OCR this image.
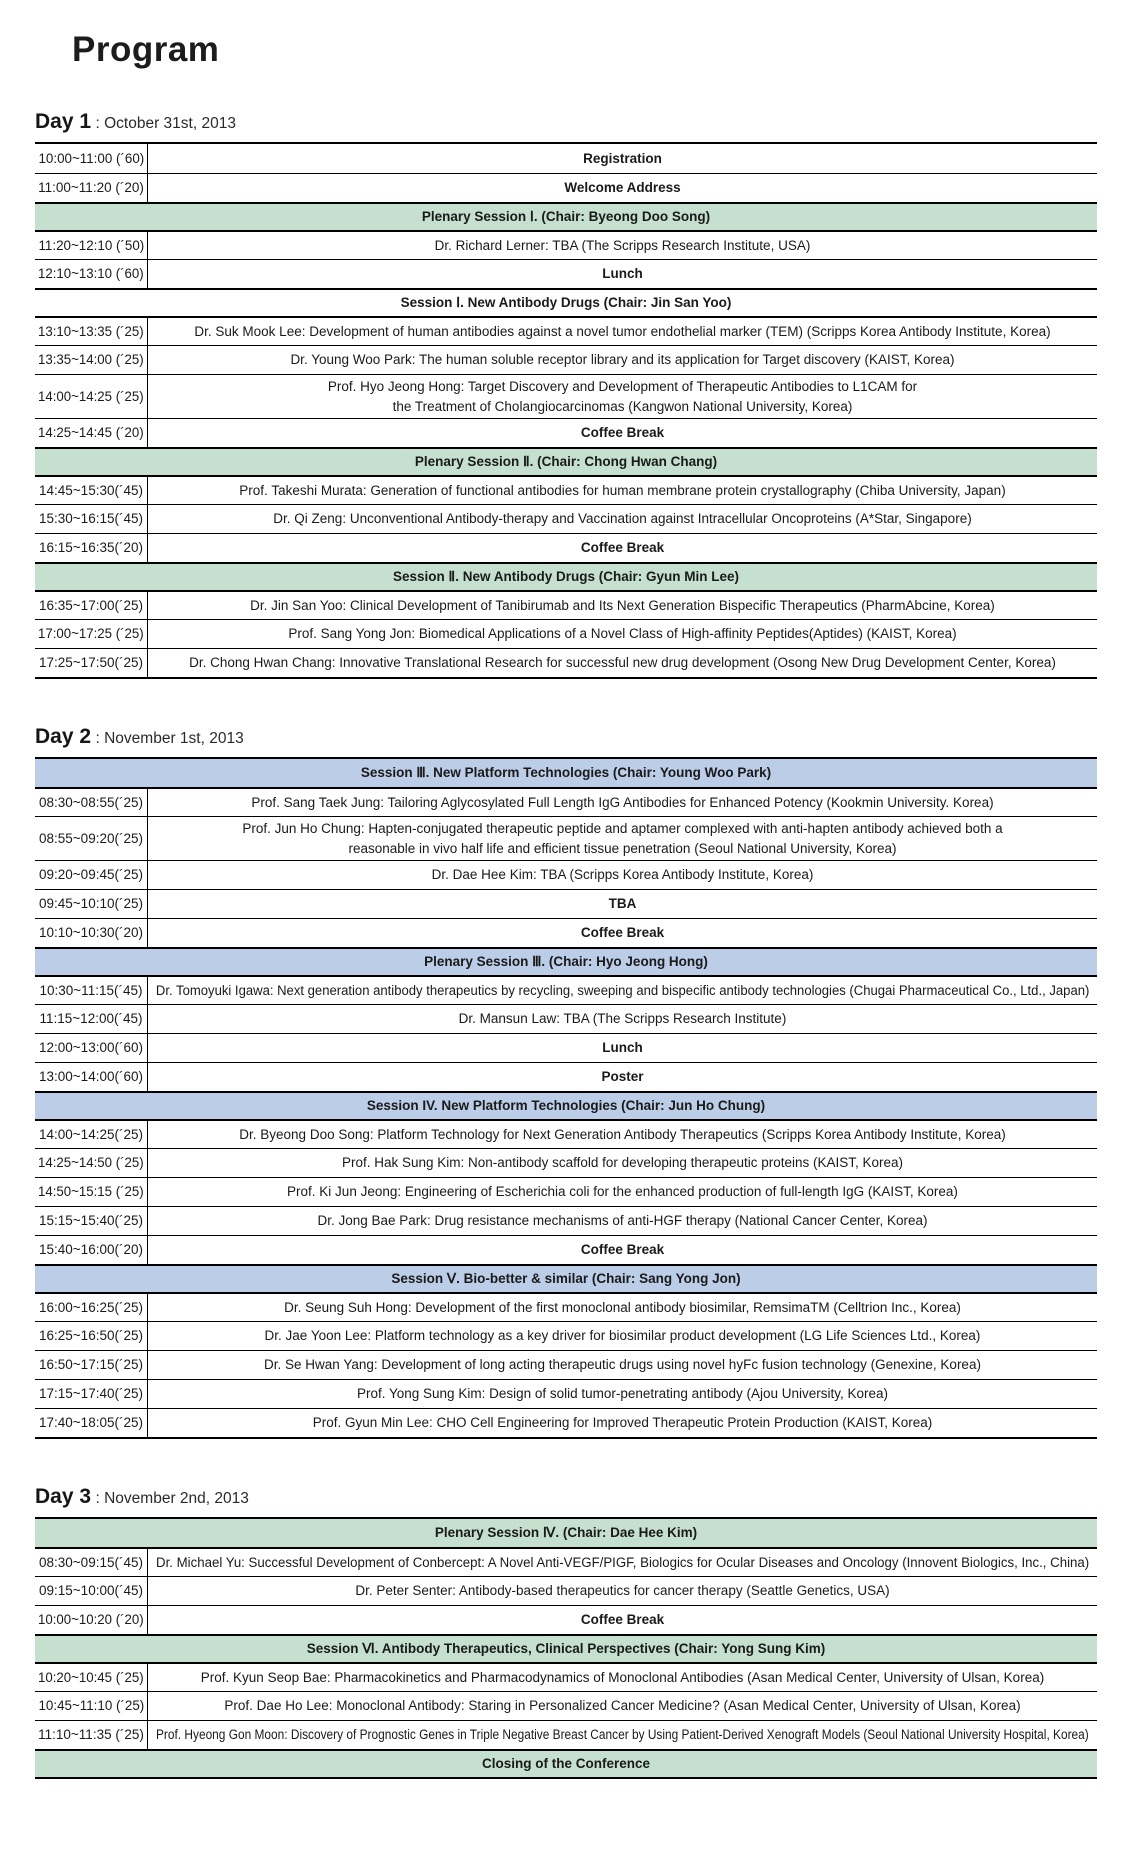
Program

Day 1 : October 31st, 2013

10:00~11:00 (´60)	Registration
11:00~11:20 (´20)	Welcome Address
Plenary Session Ⅰ. (Chair: Byeong Doo Song)
11:20~12:10 (´50)	Dr. Richard Lerner: TBA (The Scripps Research Institute, USA)
12:10~13:10 (´60)	Lunch
Session Ⅰ. New Antibody Drugs (Chair: Jin San Yoo)
13:10~13:35 (´25)	Dr. Suk Mook Lee: Development of human antibodies against a novel tumor endothelial marker (TEM) (Scripps Korea Antibody Institute, Korea)
13:35~14:00 (´25)	Dr. Young Woo Park: The human soluble receptor library and its application for Target discovery (KAIST, Korea)
14:00~14:25 (´25)
Prof. Hyo Jeong Hong: Target Discovery and Development of Therapeutic Antibodies to L1CAM for
the Treatment of Cholangiocarcinomas (Kangwon National University, Korea)
14:25~14:45 (´20)	Coffee Break
Plenary Session Ⅱ. (Chair: Chong Hwan Chang)
14:45~15:30(´45)	Prof. Takeshi Murata: Generation of functional antibodies for human membrane protein crystallography (Chiba University, Japan)
15:30~16:15(´45)	Dr. Qi Zeng: Unconventional Antibody-therapy and Vaccination against Intracellular Oncoproteins (A*Star, Singapore)
16:15~16:35(´20)	Coffee Break
Session Ⅱ. New Antibody Drugs (Chair: Gyun Min Lee)
16:35~17:00(´25)	Dr. Jin San Yoo: Clinical Development of Tanibirumab and Its Next Generation Bispecific Therapeutics (PharmAbcine, Korea)
17:00~17:25 (´25)	Prof. Sang Yong Jon: Biomedical Applications of a Novel Class of High-affinity Peptides(Aptides) (KAIST, Korea)
17:25~17:50(´25)	Dr. Chong Hwan Chang: Innovative Translational Research for successful new drug development (Osong New Drug Development Center, Korea)

Day 2 : November 1st, 2013

Session Ⅲ. New Platform Technologies (Chair: Young Woo Park)
08:30~08:55(´25)	Prof. Sang Taek Jung: Tailoring Aglycosylated Full Length IgG Antibodies for Enhanced Potency (Kookmin University. Korea)
08:55~09:20(´25)
Prof. Jun Ho Chung: Hapten-conjugated therapeutic peptide and aptamer complexed with anti-hapten antibody achieved both a
reasonable in vivo half life and efficient tissue penetration (Seoul National University, Korea)
09:20~09:45(´25)	Dr. Dae Hee Kim: TBA (Scripps Korea Antibody Institute, Korea)
09:45~10:10(´25)	TBA
10:10~10:30(´20)	Coffee Break
Plenary Session Ⅲ. (Chair: Hyo Jeong Hong)
10:30~11:15(´45) Dr. Tomoyuki Igawa: Next generation antibody therapeutics by recycling, sweeping and bispecific antibody technologies (Chugai Pharmaceutical Co., Ltd., Japan)
11:15~12:00(´45)	Dr. Mansun Law: TBA (The Scripps Research Institute)
12:00~13:00(´60)	Lunch
13:00~14:00(´60)	Poster
Session IV. New Platform Technologies (Chair: Jun Ho Chung)
14:00~14:25(´25)	Dr. Byeong Doo Song: Platform Technology for Next Generation Antibody Therapeutics (Scripps Korea Antibody Institute, Korea)
14:25~14:50 (´25)	Prof. Hak Sung Kim: Non-antibody scaffold for developing therapeutic proteins (KAIST, Korea)
14:50~15:15 (´25)	Prof. Ki Jun Jeong: Engineering of Escherichia coli for the enhanced production of full-length IgG (KAIST, Korea)
15:15~15:40(´25)	Dr. Jong Bae Park: Drug resistance mechanisms of anti-HGF therapy (National Cancer Center, Korea)
15:40~16:00(´20)	Coffee Break
Session Ⅴ. Bio-better & similar (Chair: Sang Yong Jon)
16:00~16:25(´25)	Dr. Seung Suh Hong: Development of the first monoclonal antibody biosimilar, RemsimaTM (Celltrion Inc., Korea)
16:25~16:50(´25)	Dr. Jae Yoon Lee: Platform technology as a key driver for biosimilar product development (LG Life Sciences Ltd., Korea)
16:50~17:15(´25)	Dr. Se Hwan Yang: Development of long acting therapeutic drugs using novel hyFc fusion technology (Genexine, Korea)
17:15~17:40(´25)	Prof. Yong Sung Kim: Design of solid tumor-penetrating antibody (Ajou University, Korea)
17:40~18:05(´25)	Prof. Gyun Min Lee: CHO Cell Engineering for Improved Therapeutic Protein Production (KAIST, Korea)

Day 3 : November 2nd, 2013

Plenary Session Ⅳ. (Chair: Dae Hee Kim)
08:30~09:15(´45) Dr. Michael Yu: Successful Development of Conbercept: A Novel Anti-VEGF/PIGF, Biologics for Ocular Diseases and Oncology (Innovent Biologics, Inc., China)
09:15~10:00(´45)	Dr. Peter Senter: Antibody-based therapeutics for cancer therapy (Seattle Genetics, USA)
10:00~10:20 (´20)	Coffee Break
Session Ⅵ. Antibody Therapeutics, Clinical Perspectives (Chair: Yong Sung Kim)
10:20~10:45 (´25)	Prof. Kyun Seop Bae: Pharmacokinetics and Pharmacodynamics of Monoclonal Antibodies (Asan Medical Center, University of Ulsan, Korea)
10:45~11:10 (´25)	Prof. Dae Ho Lee: Monoclonal Antibody: Staring in Personalized Cancer Medicine? (Asan Medical Center, University of Ulsan, Korea)
11:10~11:35 (´25) Prof. Hyeong Gon Moon: Discovery of Prognostic Genes in Triple Negative Breast Cancer by Using Patient-Derived Xenograft Models (Seoul National University Hospital, Korea)
Closing of the Conference
